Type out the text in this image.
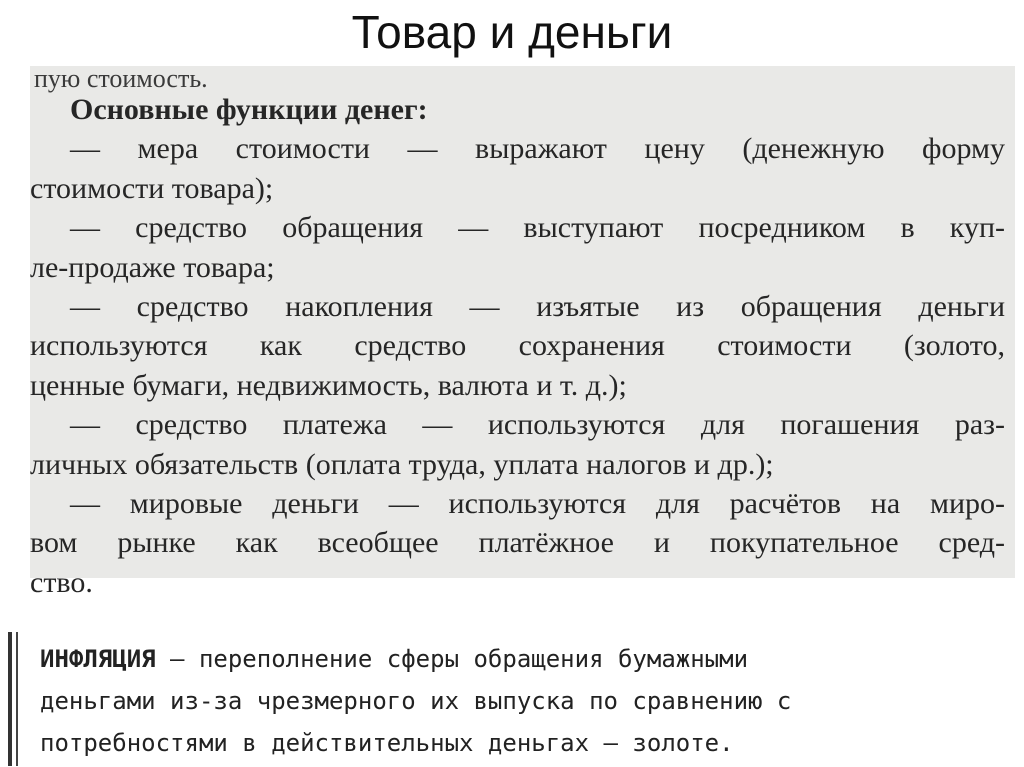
Товар и деньги
пую стоимость.
Основные функции денег:
— мера стоимости — выражают цену (денежную форму
стоимости товара);
— средство обращения — выступают посредником в куп-
ле-продаже товара;
— средство накопления — изъятые из обращения деньги
используются как средство сохранения стоимости (золото,
ценные бумаги, недвижимость, валюта и т. д.);
— средство платежа — используются для погашения раз-
личных обязательств (оплата труда, уплата налогов и др.);
— мировые деньги — используются для расчётов на миро-
вом рынке как всеобщее платёжное и покупательное сред-
ство.
ИНФЛЯЦИЯ — переполнение сферы обращения бумажными
деньгами из-за чрезмерного их выпуска по сравнению с
потребностями в действительных деньгах — золоте.
